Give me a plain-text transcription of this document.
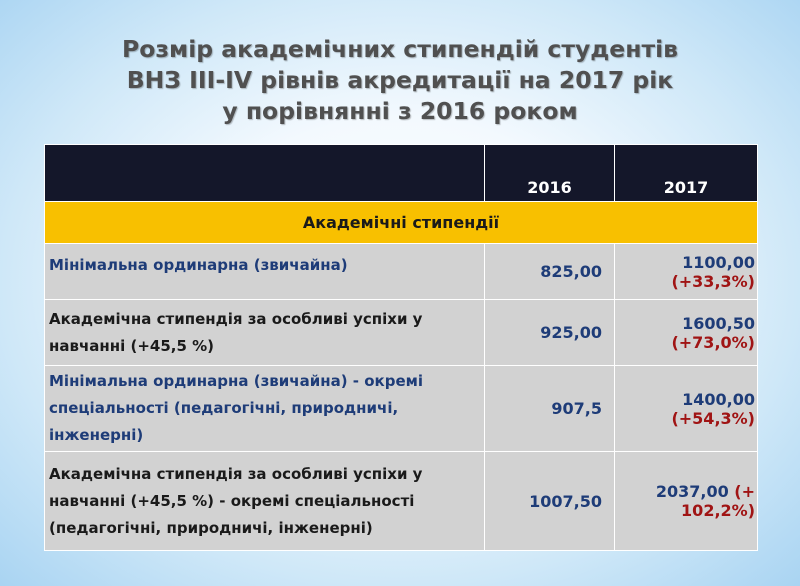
Розмір академічних стипендій студентів
ВНЗ ІІІ-ІV рівнів акредитації на 2017 рік
у порівнянні з 2016 роком
	2016	2017
Академічні стипендії		
Мінімальна ординарна (звичайна)	825,00	1100,00 (+33,3%)
Академічна стипендія за особливі успіхи у навчанні (+45,5 %)	925,00	1600,50 (+73,0%)
Мінімальна ординарна (звичайна) - окремі спеціальності (педагогічні, природничі, інженерні)	907,5	1400,00 (+54,3%)
Академічна стипендія за особливі успіхи у навчанні (+45,5 %) - окремі спеціальності (педагогічні, природничі, інженерні)	1007,50	2037,00 (+ 102,2%)
